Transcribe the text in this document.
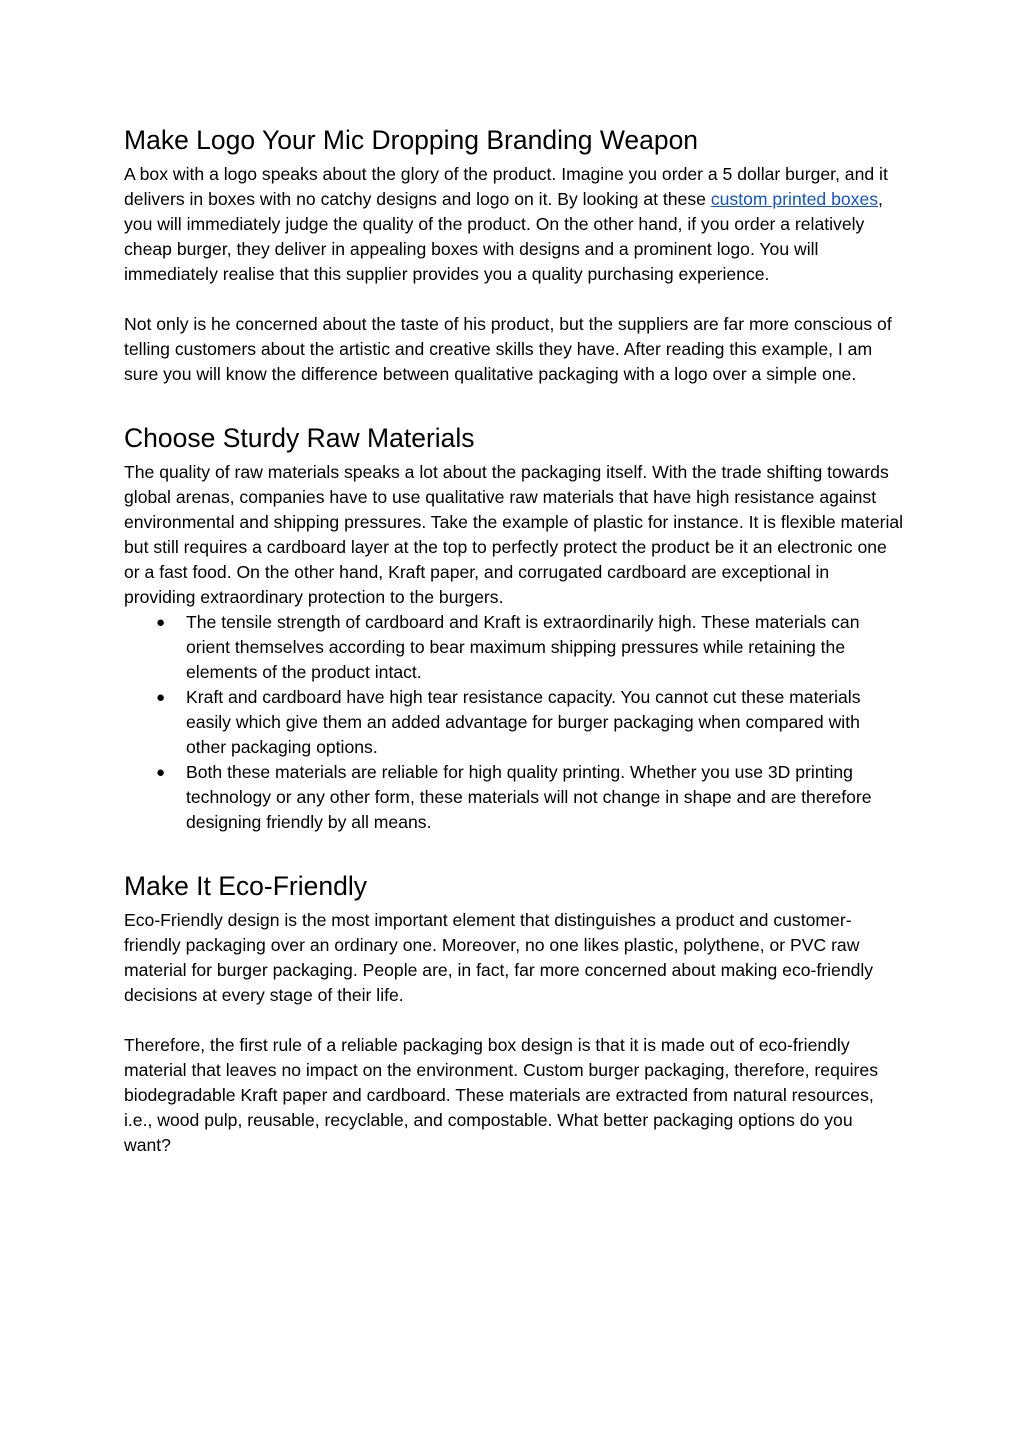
Make Logo Your Mic Dropping Branding Weapon

A box with a logo speaks about the glory of the product. Imagine you order a 5 dollar burger, and it delivers in boxes with no catchy designs and logo on it. By looking at these custom printed boxes, you will immediately judge the quality of the product. On the other hand, if you order a relatively cheap burger, they deliver in appealing boxes with designs and a prominent logo. You will immediately realise that this supplier provides you a quality purchasing experience.

Not only is he concerned about the taste of his product, but the suppliers are far more conscious of telling customers about the artistic and creative skills they have. After reading this example, I am sure you will know the difference between qualitative packaging with a logo over a simple one.

Choose Sturdy Raw Materials

The quality of raw materials speaks a lot about the packaging itself. With the trade shifting towards global arenas, companies have to use qualitative raw materials that have high resistance against environmental and shipping pressures. Take the example of plastic for instance. It is flexible material but still requires a cardboard layer at the top to perfectly protect the product be it an electronic one or a fast food. On the other hand, Kraft paper, and corrugated cardboard are exceptional in providing extraordinary protection to the burgers.

● The tensile strength of cardboard and Kraft is extraordinarily high. These materials can orient themselves according to bear maximum shipping pressures while retaining the elements of the product intact.
● Kraft and cardboard have high tear resistance capacity. You cannot cut these materials easily which give them an added advantage for burger packaging when compared with other packaging options.
● Both these materials are reliable for high quality printing. Whether you use 3D printing technology or any other form, these materials will not change in shape and are therefore designing friendly by all means.
Make It Eco-Friendly

Eco-Friendly design is the most important element that distinguishes a product and customer-friendly packaging over an ordinary one. Moreover, no one likes plastic, polythene, or PVC raw material for burger packaging. People are, in fact, far more concerned about making eco-friendly decisions at every stage of their life.

Therefore, the first rule of a reliable packaging box design is that it is made out of eco-friendly material that leaves no impact on the environment. Custom burger packaging, therefore, requires biodegradable Kraft paper and cardboard. These materials are extracted from natural resources, i.e., wood pulp, reusable, recyclable, and compostable. What better packaging options do you want?
